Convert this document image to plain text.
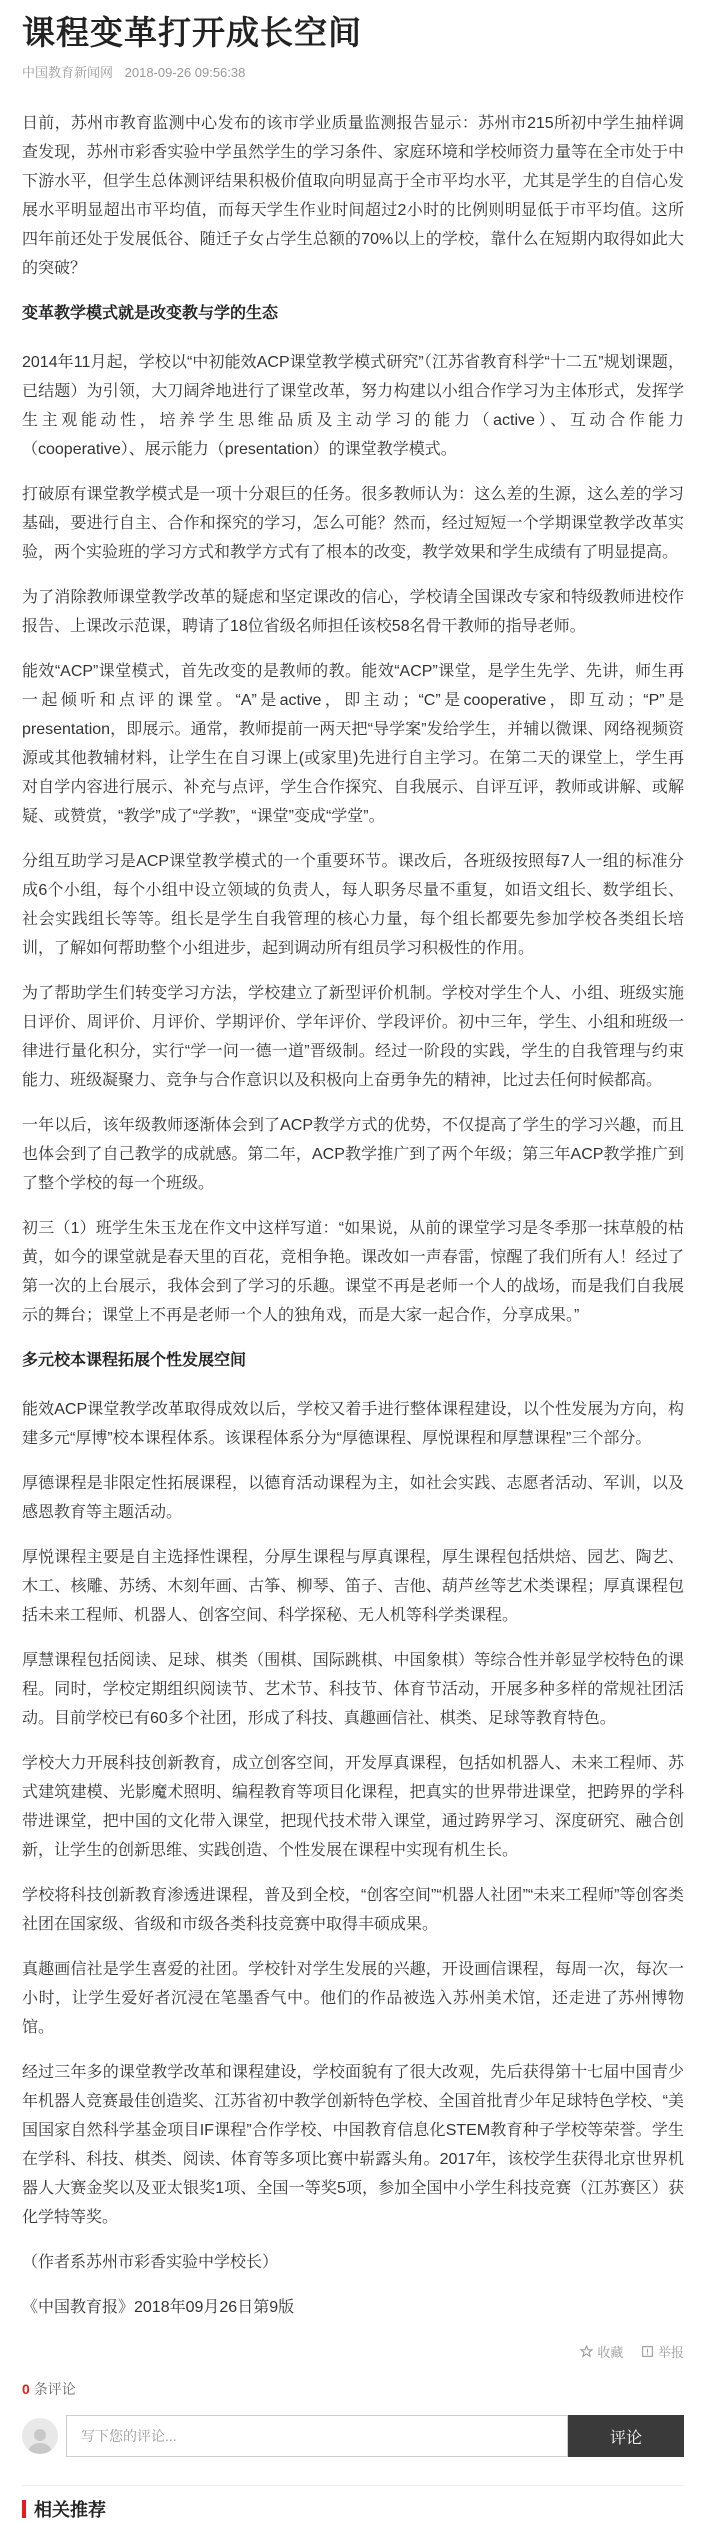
课程变革打开成长空间
中国教育新闻网 2018-09-26 09:56:38

日前，苏州市教育监测中心发布的该市学业质量监测报告显示：苏州市215所初中学生抽样调查发现，苏州市彩香实验中学虽然学生的学习条件、家庭环境和学校师资力量等在全市处于中下游水平，但学生总体测评结果积极价值取向明显高于全市平均水平，尤其是学生的自信心发展水平明显超出市平均值，而每天学生作业时间超过2小时的比例则明显低于市平均值。这所四年前还处于发展低谷、随迁子女占学生总额的70%以上的学校，靠什么在短期内取得如此大的突破？

变革教学模式就是改变教与学的生态

2014年11月起，学校以“中初能效ACP课堂教学模式研究”（江苏省教育科学“十二五”规划课题，已结题）为引领，大刀阔斧地进行了课堂改革，努力构建以小组合作学习为主体形式，发挥学生主观能动性，培养学生思维品质及主动学习的能力（active）、互动合作能力（cooperative）、展示能力（presentation）的课堂教学模式。

打破原有课堂教学模式是一项十分艰巨的任务。很多教师认为：这么差的生源，这么差的学习基础，要进行自主、合作和探究的学习，怎么可能？然而，经过短短一个学期课堂教学改革实验，两个实验班的学习方式和教学方式有了根本的改变，教学效果和学生成绩有了明显提高。

为了消除教师课堂教学改革的疑虑和坚定课改的信心，学校请全国课改专家和特级教师进校作报告、上课改示范课，聘请了18位省级名师担任该校58名骨干教师的指导老师。

能效“ACP”课堂模式，首先改变的是教师的教。能效“ACP”课堂，是学生先学、先讲，师生再一起倾听和点评的课堂。“A”是active，即主动；“C”是cooperative，即互动；“P”是presentation，即展示。通常，教师提前一两天把“导学案”发给学生，并辅以微课、网络视频资源或其他教辅材料，让学生在自习课上(或家里)先进行自主学习。在第二天的课堂上，学生再对自学内容进行展示、补充与点评，学生合作探究、自我展示、自评互评，教师或讲解、或解疑、或赞赏，“教学”成了“学教”，“课堂”变成“学堂”。

分组互助学习是ACP课堂教学模式的一个重要环节。课改后，各班级按照每7人一组的标准分成6个小组，每个小组中设立领域的负责人，每人职务尽量不重复，如语文组长、数学组长、社会实践组长等等。组长是学生自我管理的核心力量，每个组长都要先参加学校各类组长培训，了解如何帮助整个小组进步，起到调动所有组员学习积极性的作用。

为了帮助学生们转变学习方法，学校建立了新型评价机制。学校对学生个人、小组、班级实施日评价、周评价、月评价、学期评价、学年评价、学段评价。初中三年，学生、小组和班级一律进行量化积分，实行“学一问一德一道”晋级制。经过一阶段的实践，学生的自我管理与约束能力、班级凝聚力、竞争与合作意识以及积极向上奋勇争先的精神，比过去任何时候都高。

一年以后，该年级教师逐渐体会到了ACP教学方式的优势，不仅提高了学生的学习兴趣，而且也体会到了自己教学的成就感。第二年，ACP教学推广到了两个年级；第三年ACP教学推广到了整个学校的每一个班级。

初三（1）班学生朱玉龙在作文中这样写道：“如果说，从前的课堂学习是冬季那一抹草般的枯黄，如今的课堂就是春天里的百花，竞相争艳。课改如一声春雷，惊醒了我们所有人！经过了第一次的上台展示，我体会到了学习的乐趣。课堂不再是老师一个人的战场，而是我们自我展示的舞台；课堂上不再是老师一个人的独角戏，而是大家一起合作，分享成果。”

多元校本课程拓展个性发展空间

能效ACP课堂教学改革取得成效以后，学校又着手进行整体课程建设，以个性发展为方向，构建多元“厚博”校本课程体系。该课程体系分为“厚德课程、厚悦课程和厚慧课程”三个部分。

厚德课程是非限定性拓展课程，以德育活动课程为主，如社会实践、志愿者活动、军训，以及感恩教育等主题活动。

厚悦课程主要是自主选择性课程，分厚生课程与厚真课程，厚生课程包括烘焙、园艺、陶艺、木工、核雕、苏绣、木刻年画、古筝、柳琴、笛子、吉他、葫芦丝等艺术类课程；厚真课程包括未来工程师、机器人、创客空间、科学探秘、无人机等科学类课程。

厚慧课程包括阅读、足球、棋类（围棋、国际跳棋、中国象棋）等综合性并彰显学校特色的课程。同时，学校定期组织阅读节、艺术节、科技节、体育节活动，开展多种多样的常规社团活动。目前学校已有60多个社团，形成了科技、真趣画信社、棋类、足球等教育特色。

学校大力开展科技创新教育，成立创客空间，开发厚真课程，包括如机器人、未来工程师、苏式建筑建模、光影魔术照明、编程教育等项目化课程，把真实的世界带进课堂，把跨界的学科带进课堂，把中国的文化带入课堂，把现代技术带入课堂，通过跨界学习、深度研究、融合创新，让学生的创新思维、实践创造、个性发展在课程中实现有机生长。

学校将科技创新教育渗透进课程，普及到全校，“创客空间”“机器人社团”“未来工程师”等创客类社团在国家级、省级和市级各类科技竞赛中取得丰硕成果。

真趣画信社是学生喜爱的社团。学校针对学生发展的兴趣，开设画信课程，每周一次，每次一小时，让学生爱好者沉浸在笔墨香气中。他们的作品被选入苏州美术馆，还走进了苏州博物馆。

经过三年多的课堂教学改革和课程建设，学校面貌有了很大改观，先后获得第十七届中国青少年机器人竞赛最佳创造奖、江苏省初中教学创新特色学校、全国首批青少年足球特色学校、“美国国家自然科学基金项目IF课程”合作学校、中国教育信息化STEM教育种子学校等荣誉。学生在学科、科技、棋类、阅读、体育等多项比赛中崭露头角。2017年，该校学生获得北京世界机器人大赛金奖以及亚太银奖1项、全国一等奖5项，参加全国中小学生科技竞赛（江苏赛区）获化学特等奖。

（作者系苏州市彩香实验中学校长）

《中国教育报》2018年09月26日第9版

收藏
	举报
0 条评论
写下您的评论...	评论
相关推荐
